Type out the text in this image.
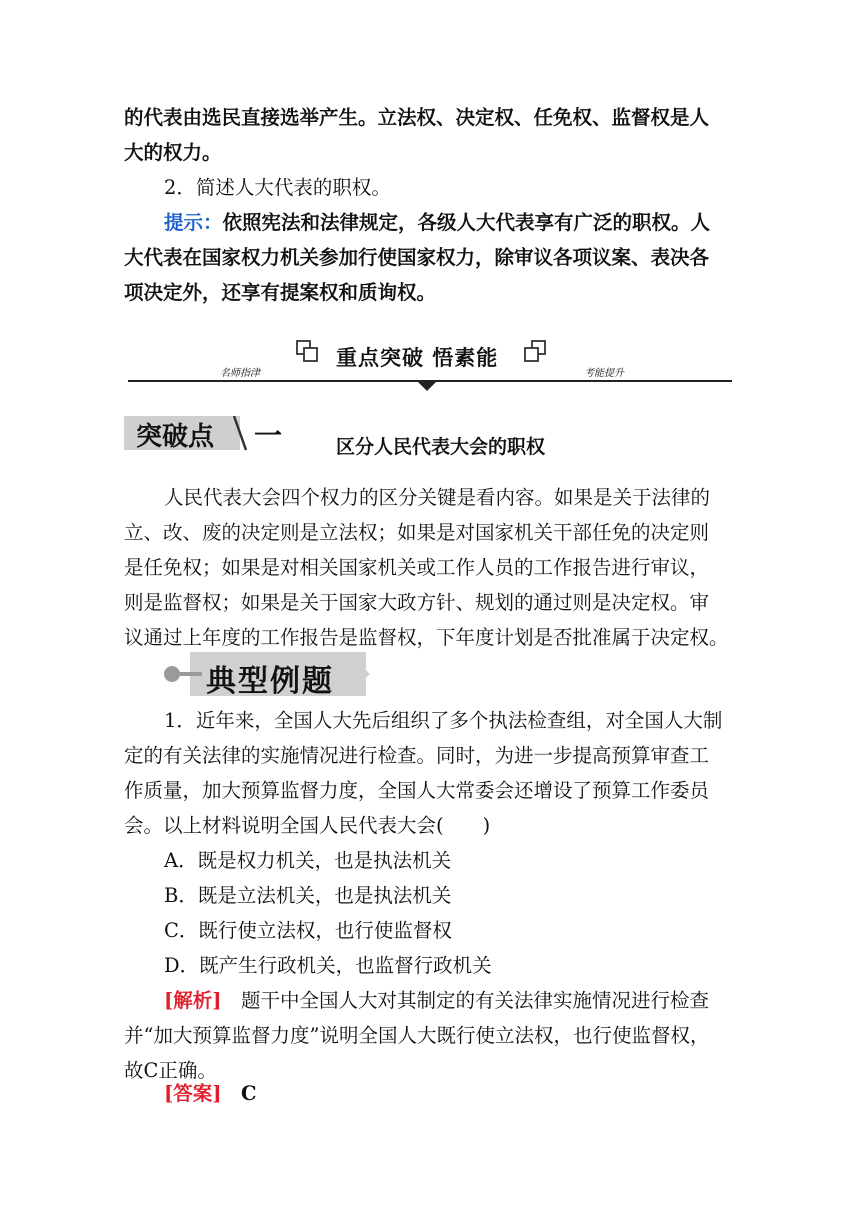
的代表由选民直接选举产生。立法权、决定权、任免权、监督权是人

大的权力。

2．简述人大代表的职权。

提示：依照宪法和法律规定，各级人大代表享有广泛的职权。人

大代表在国家权力机关参加行使国家权力，除审议各项议案、表决各

项决定外，还享有提案权和质询权。

名师指津
重点突破 悟素能
考能提升
突破点 一	区分人民代表大会的职权

人民代表大会四个权力的区分关键是看内容。如果是关于法律的

立、改、废的决定则是立法权；如果是对国家机关干部任免的决定则

是任免权；如果是对相关国家机关或工作人员的工作报告进行审议，

则是监督权；如果是关于国家大政方针、规划的通过则是决定权。审

议通过上年度的工作报告是监督权，下年度计划是否批准属于决定权。

典型例题

1．近年来，全国人大先后组织了多个执法检查组，对全国人大制

定的有关法律的实施情况进行检查。同时，为进一步提高预算审查工

作质量，加大预算监督力度，全国人大常委会还增设了预算工作委员

会。以上材料说明全国人民代表大会(　　)

A．既是权力机关，也是执法机关

B．既是立法机关，也是执法机关

C．既行使立法权，也行使监督权

D．既产生行政机关，也监督行政机关

[解析]　题干中全国人大对其制定的有关法律实施情况进行检查

并“加大预算监督力度”说明全国人大既行使立法权，也行使监督权，

故C正确。

[答案]　C
